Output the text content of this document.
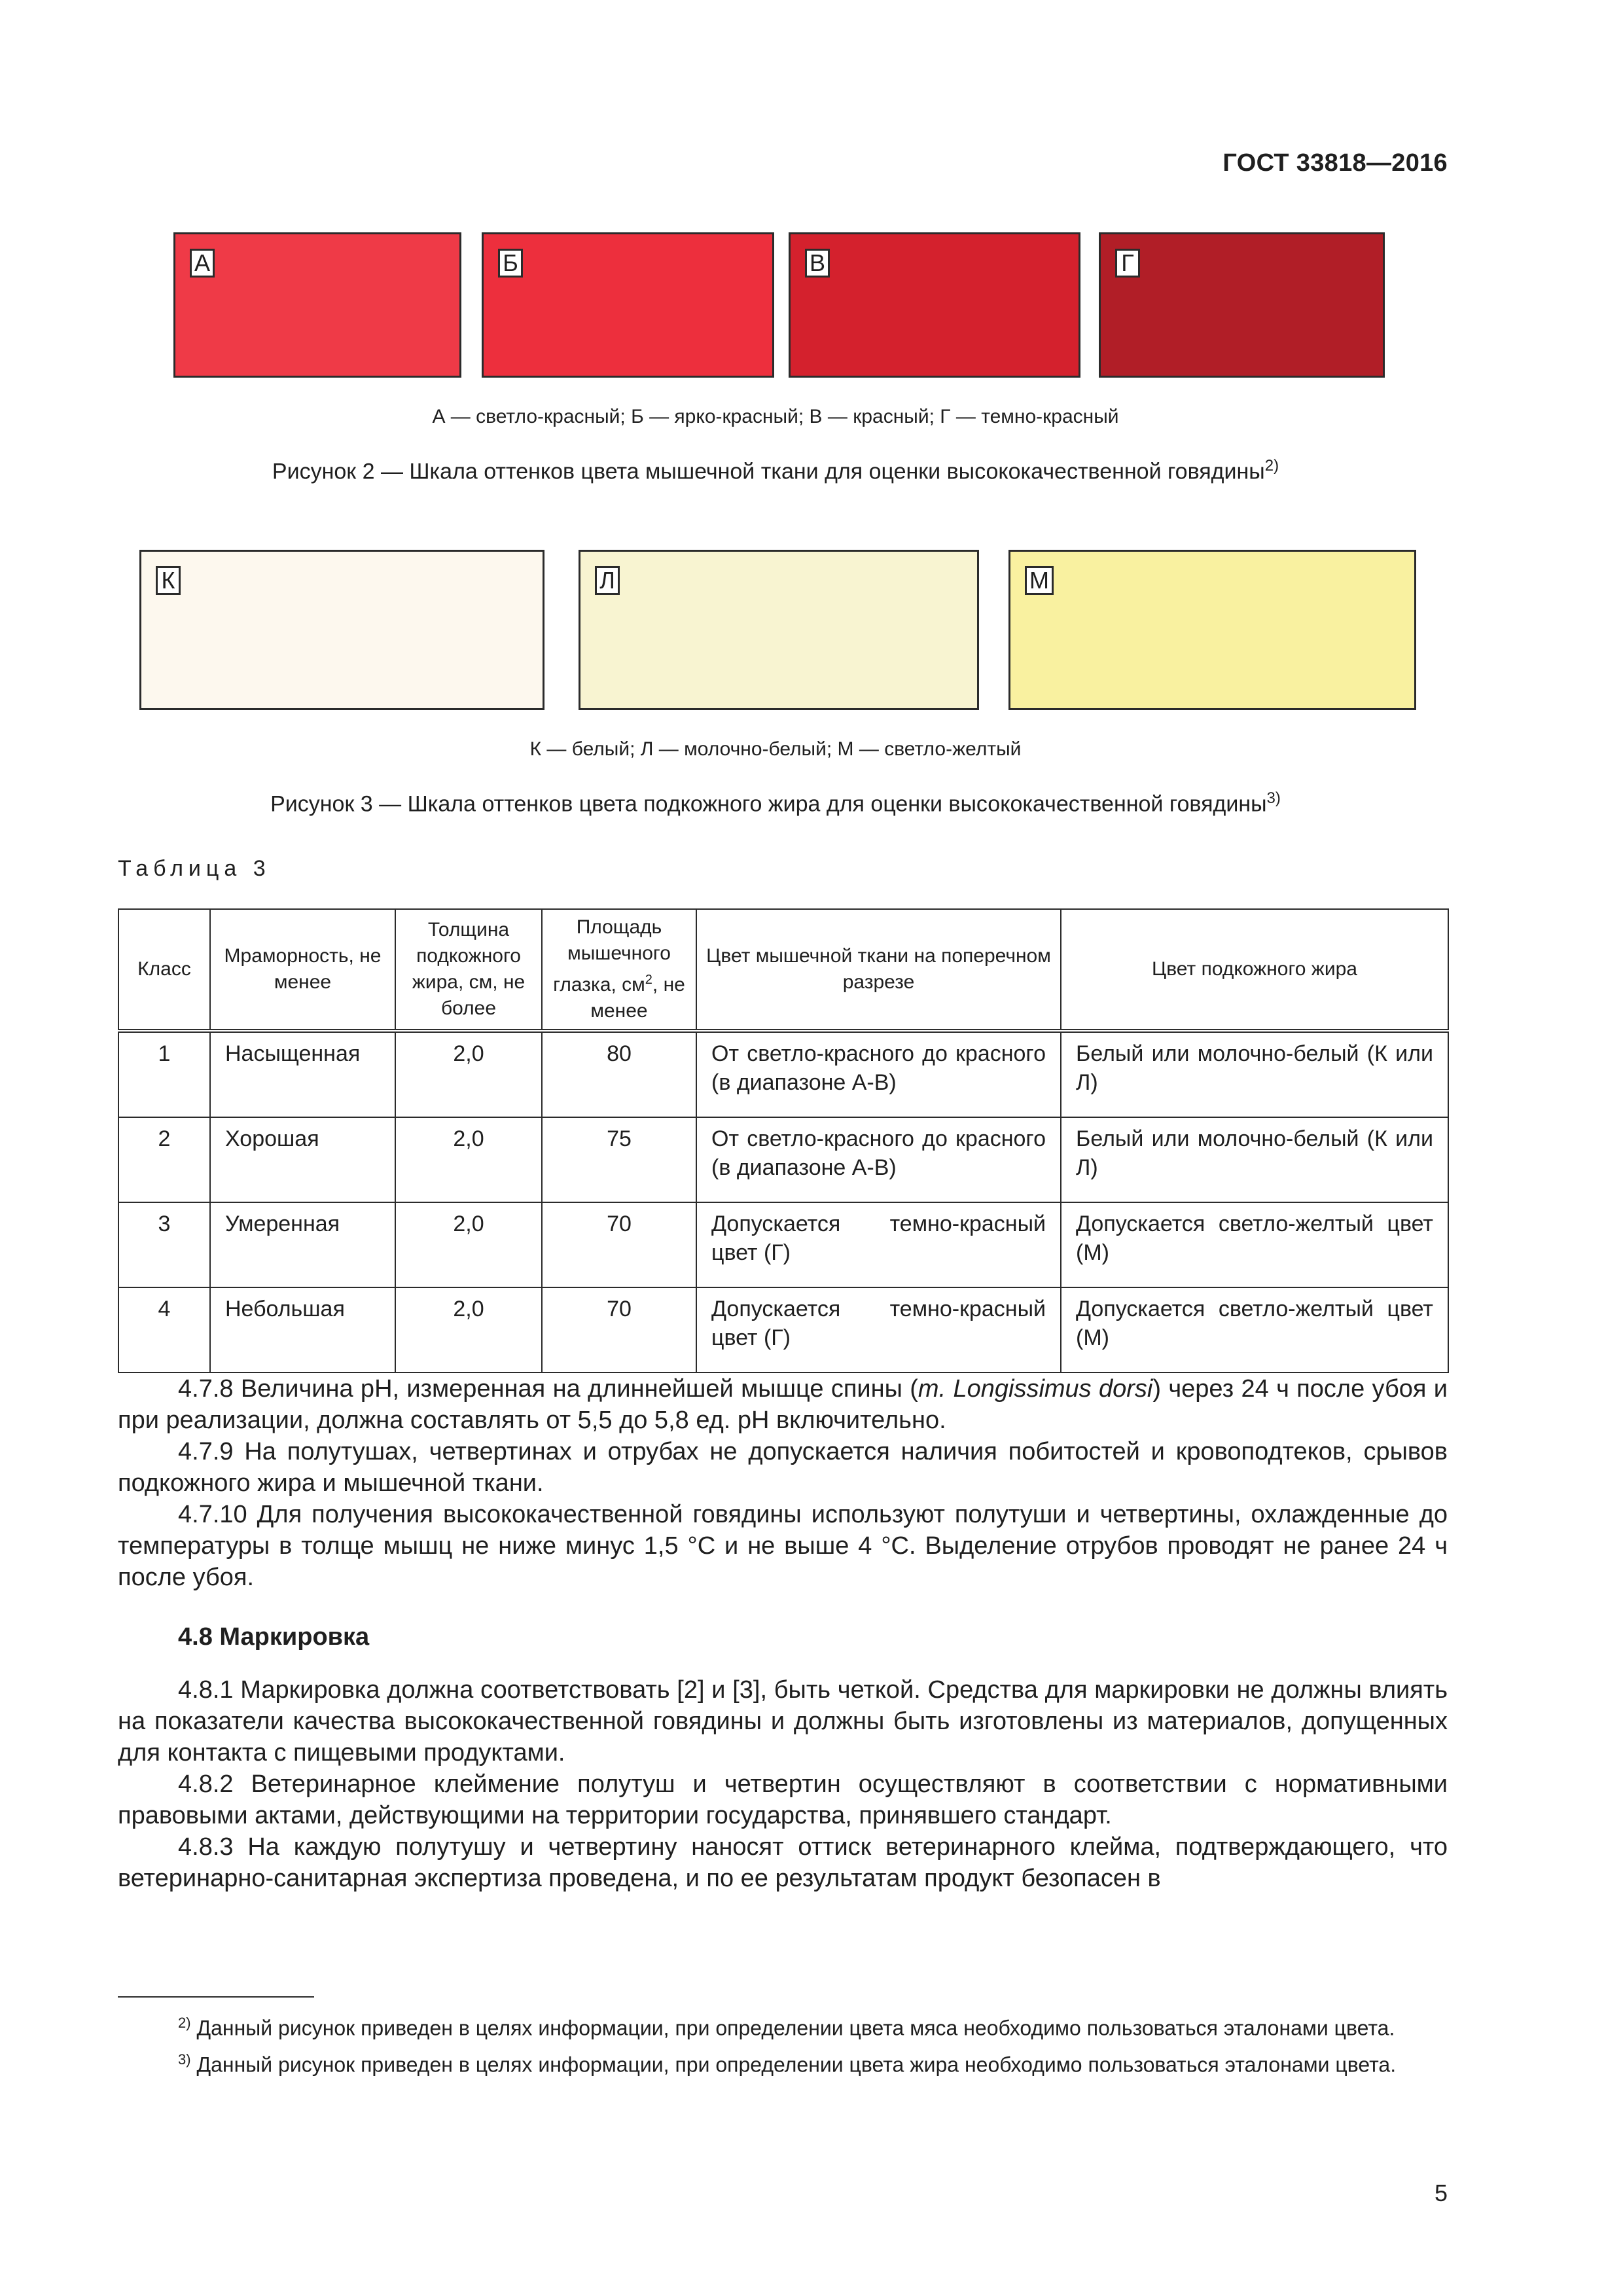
ГОСТ 33818—2016
А	Б	В	Г
А — светло-красный; Б — ярко-красный; В — красный; Г — темно-красный
Рисунок 2 — Шкала оттенков цвета мышечной ткани для оценки высококачественной говядины$^{2)}$
К	Л	М
К — белый; Л — молочно-белый; М — светло-желтый
Рисунок 3 — Шкала оттенков цвета подкожного жира для оценки высококачественной говядины$^{3)}$
Таблица 3
Класс	Мраморность, не менее	Толщина подкожного жира, см, не более	Площадь мышечного глазка, $см^2$, не менее	Цвет мышечной ткани на поперечном разрезе	Цвет подкожного жира
1	Насыщенная	2,0	80	От светло-красного до красного (в диапазоне А-В)	Белый или молочно-белый (К или Л)
2	Хорошая	2,0	75	От светло-красного до красного (в диапазоне А-В)	Белый или молочно-белый (К или Л)
3	Умеренная	2,0	70	Допускается темно-красный цвет (Г)	Допускается светло-желтый цвет (М)
4	Небольшая	2,0	70	Допускается темно-красный цвет (Г)	Допускается светло-желтый цвет (М)

4.7.8 Величина pH, измеренная на длиннейшей мышце спины (m. Longissimus dorsi) через 24 ч после убоя и при реализации, должна составлять от 5,5 до 5,8 ед. pH включительно.

4.7.9 На полутушах, четвертинах и отрубах не допускается наличия побитостей и кровоподтеков, срывов подкожного жира и мышечной ткани.

4.7.10 Для получения высококачественной говядины используют полутуши и четвертины, охлажденные до температуры в толще мышц не ниже минус 1,5 °С и не выше 4 °С. Выделение отрубов проводят не ранее 24 ч после убоя.

4.8 Маркировка

4.8.1 Маркировка должна соответствовать [2] и [3], быть четкой. Средства для маркировки не должны влиять на показатели качества высококачественной говядины и должны быть изготовлены из материалов, допущенных для контакта с пищевыми продуктами.

4.8.2 Ветеринарное клеймение полутуш и четвертин осуществляют в соответствии с нормативными правовыми актами, действующими на территории государства, принявшего стандарт.

4.8.3 На каждую полутушу и четвертину наносят оттиск ветеринарного клейма, подтверждающего, что ветеринарно-санитарная экспертиза проведена, и по ее результатам продукт безопасен в

$^{2)}$ Данный рисунок приведен в целях информации, при определении цвета мяса необходимо пользоваться эталонами цвета.

$^{3)}$ Данный рисунок приведен в целях информации, при определении цвета жира необходимо пользоваться эталонами цвета.

5
